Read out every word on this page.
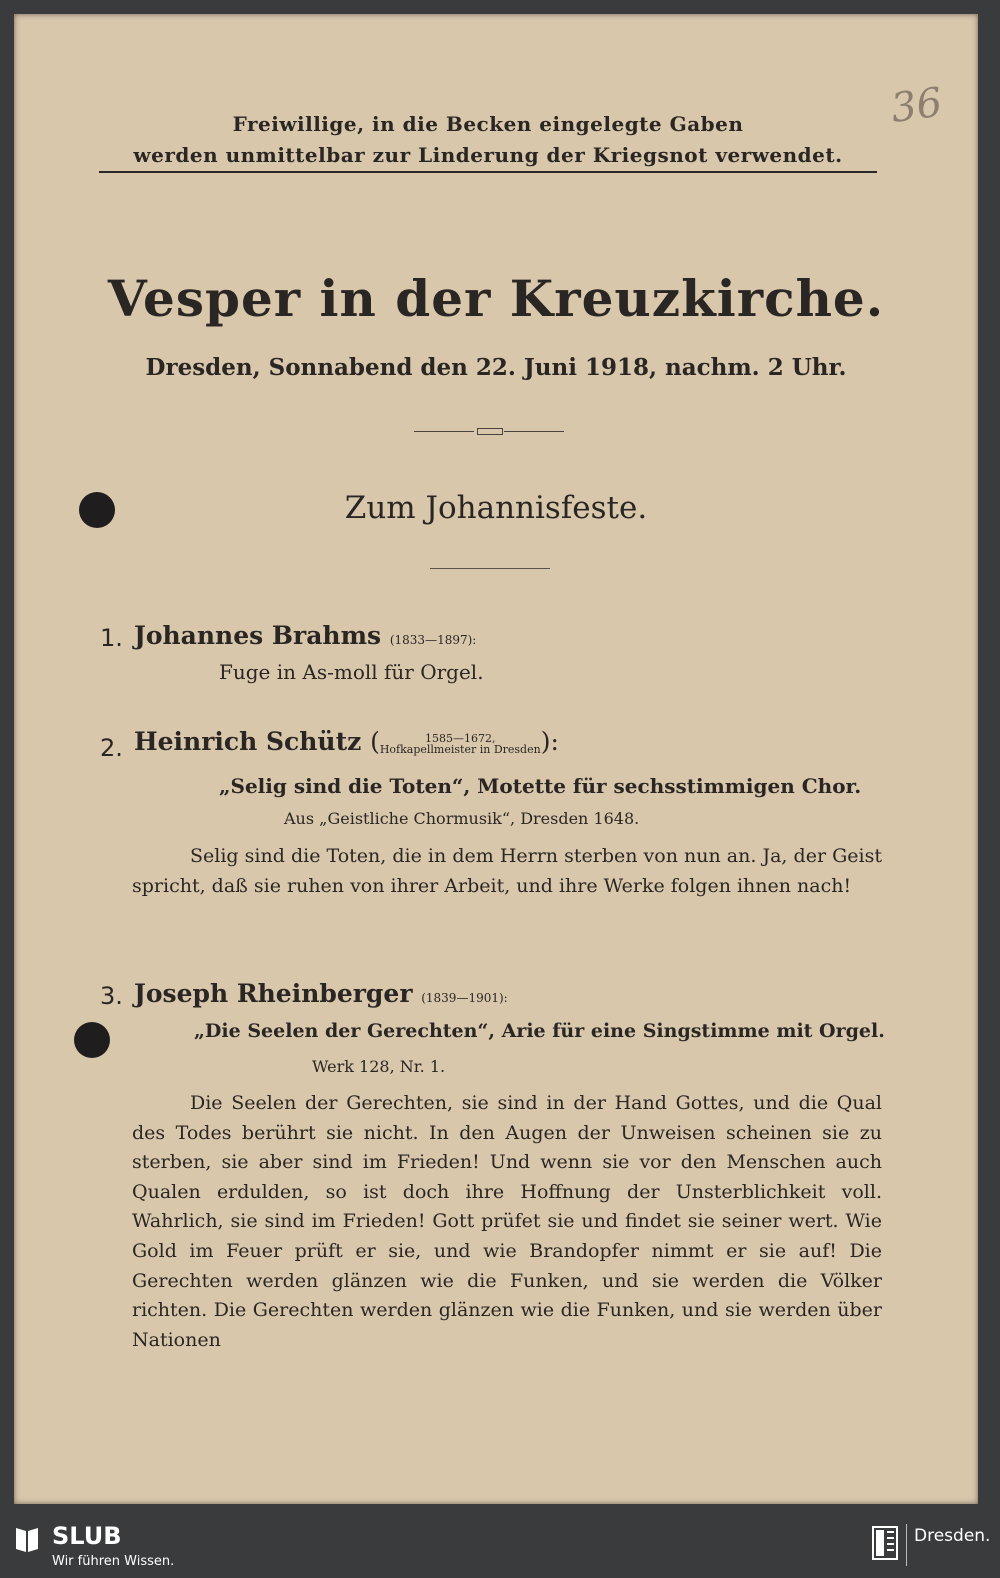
Freiwillige, in die Becken eingelegte Gaben
werden unmittelbar zur Linderung der Kriegsnot verwendet.
36
Vesper in der Kreuzkirche.
Dresden, Sonnabend den 22. Juni 1918, nachm. 2 Uhr.
Zum Johannisfeste.
1. Johannes Brahms (1833—1897):
Fuge in As-moll für Orgel.
2. Heinrich Schütz (	1585—1672,
Hofkapellmeister in Dresden):
„Selig sind die Toten“, Motette für sechsstimmigen Chor.
Aus „Geistliche Chormusik“, Dresden 1648.
Selig sind die Toten, die in dem Herrn sterben von nun an. Ja, der Geist spricht, daß sie ruhen von ihrer Arbeit, und ihre Werke folgen ihnen nach!
3. Joseph Rheinberger (1839—1901):
„Die Seelen der Gerechten“, Arie für eine Singstimme mit Orgel.
Werk 128, Nr. 1.
Die Seelen der Gerechten, sie sind in der Hand Gottes, und die Qual des Todes berührt sie nicht. In den Augen der Unweisen scheinen sie zu sterben, sie aber sind im Frieden! Und wenn sie vor den Menschen auch Qualen erdulden, so ist doch ihre Hoffnung der Unsterblichkeit voll. Wahrlich, sie sind im Frieden! Gott prüfet sie und findet sie seiner wert. Wie Gold im Feuer prüft er sie, und wie Brandopfer nimmt er sie auf! Die Gerechten werden glänzen wie die Funken, und sie werden die Völker richten. Die Gerechten werden glänzen wie die Funken, und sie werden über Nationen
SLUB
Wir führen Wissen.
Dresden.
